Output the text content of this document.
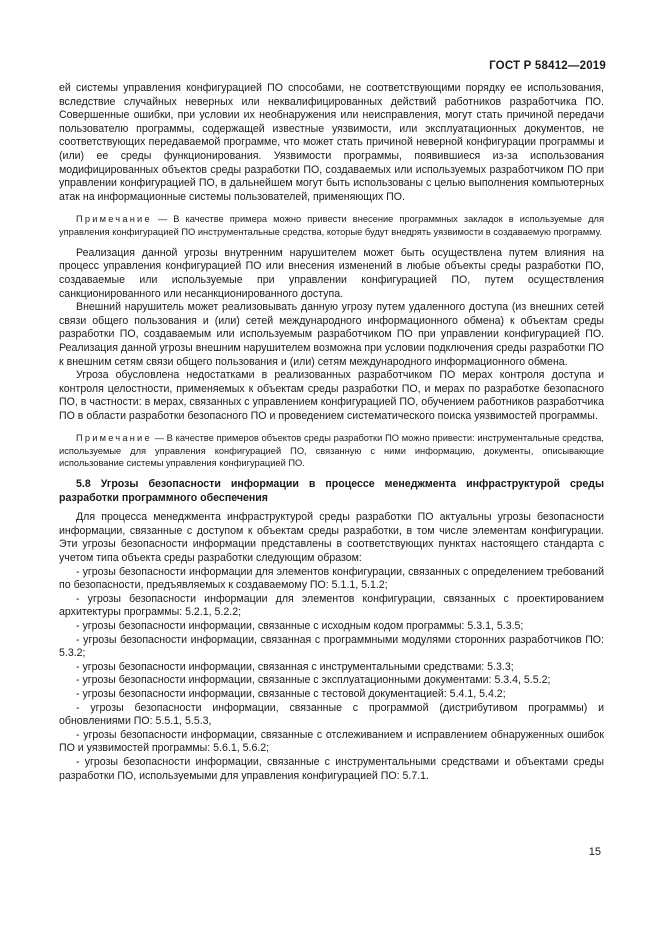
ГОСТ Р 58412—2019

ей системы управления конфигурацией ПО способами, не соответствующими порядку ее использования, вследствие случайных неверных или неквалифицированных действий работников разработчика ПО. Совершенные ошибки, при условии их необнаружения или неисправления, могут стать причиной передачи пользователю программы, содержащей известные уязвимости, или эксплуатационных документов, не соответствующих передаваемой программе, что может стать причиной неверной конфигурации программы и (или) ее среды функционирования. Уязвимости программы, появившиеся из-за использования модифицированных объектов среды разработки ПО, создаваемых или используемых разработчиком ПО при управлении конфигурацией ПО, в дальнейшем могут быть использованы с целью выполнения компьютерных атак на информационные системы пользователей, применяющих ПО.

Примечание — В качестве примера можно привести внесение программных закладок в используемые для управления конфигурацией ПО инструментальные средства, которые будут внедрять уязвимости в создаваемую программу.

Реализация данной угрозы внутренним нарушителем может быть осуществлена путем влияния на процесс управления конфигурацией ПО или внесения изменений в любые объекты среды разработки ПО, создаваемые или используемые при управлении конфигурацией ПО, путем осуществления санкционированного или несанкционированного доступа.

Внешний нарушитель может реализовывать данную угрозу путем удаленного доступа (из внешних сетей связи общего пользования и (или) сетей международного информационного обмена) к объектам среды разработки ПО, создаваемым или используемым разработчиком ПО при управлении конфигурацией ПО. Реализация данной угрозы внешним нарушителем возможна при условии подключения среды разработки ПО к внешним сетям связи общего пользования и (или) сетям международного информационного обмена.

Угроза обусловлена недостатками в реализованных разработчиком ПО мерах контроля доступа и контроля целостности, применяемых к объектам среды разработки ПО, и мерах по разработке безопасного ПО, в частности: в мерах, связанных с управлением конфигурацией ПО, обучением работников разработчика ПО в области разработки безопасного ПО и проведением систематического поиска уязвимостей программы.

Примечание — В качестве примеров объектов среды разработки ПО можно привести: инструментальные средства, используемые для управления конфигурацией ПО, связанную с ними информацию, документы, описывающие использование системы управления конфигурацией ПО.

5.8 Угрозы безопасности информации в процессе менеджмента инфраструктурой среды разработки программного обеспечения

Для процесса менеджмента инфраструктурой среды разработки ПО актуальны угрозы безопасности информации, связанные с доступом к объектам среды разработки, в том числе элементам конфигурации. Эти угрозы безопасности информации представлены в соответствующих пунктах настоящего стандарта с учетом типа объекта среды разработки следующим образом:

- угрозы безопасности информации для элементов конфигурации, связанных с определением требований по безопасности, предъявляемых к создаваемому ПО: 5.1.1, 5.1.2;

- угрозы безопасности информации для элементов конфигурации, связанных с проектированием архитектуры программы: 5.2.1, 5.2.2;

- угрозы безопасности информации, связанные с исходным кодом программы: 5.3.1, 5.3.5;

- угрозы безопасности информации, связанная с программными модулями сторонних разработчиков ПО: 5.3.2;

- угрозы безопасности информации, связанная с инструментальными средствами: 5.3.3;

- угрозы безопасности информации, связанные с эксплуатационными документами: 5.3.4, 5.5.2;

- угрозы безопасности информации, связанные с тестовой документацией: 5.4.1, 5.4.2;

- угрозы безопасности информации, связанные с программой (дистрибутивом программы) и обновлениями ПО: 5.5.1, 5.5.3,

- угрозы безопасности информации, связанные с отслеживанием и исправлением обнаруженных ошибок ПО и уязвимостей программы: 5.6.1, 5.6.2;

- угрозы безопасности информации, связанные с инструментальными средствами и объектами среды разработки ПО, используемыми для управления конфигурацией ПО: 5.7.1.

15
